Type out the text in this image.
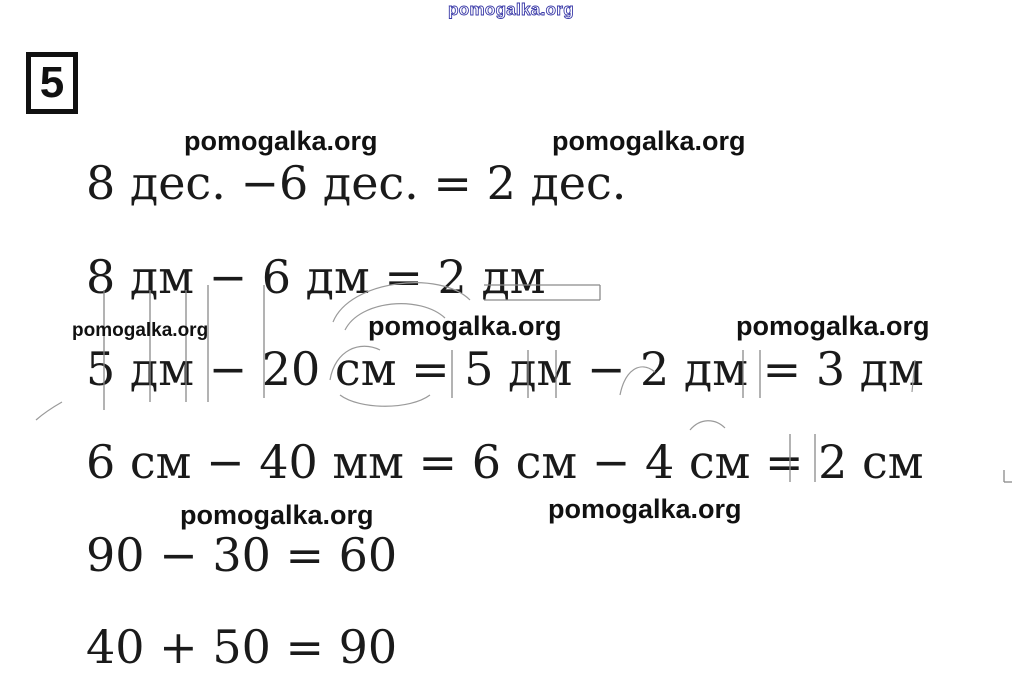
pomogalka.org
5
8 дес. −6 дес. = 2 дес.
8 дм − 6 дм = 2 дм
5 дм − 20 см = 5 дм − 2 дм = 3 дм
6 см − 40 мм = 6 см − 4 см = 2 см
90 − 30 = 60
40 + 50 = 90
pomogalka.org	pomogalka.org
pomogalka.org	pomogalka.org	pomogalka.org
pomogalka.org	pomogalka.org
